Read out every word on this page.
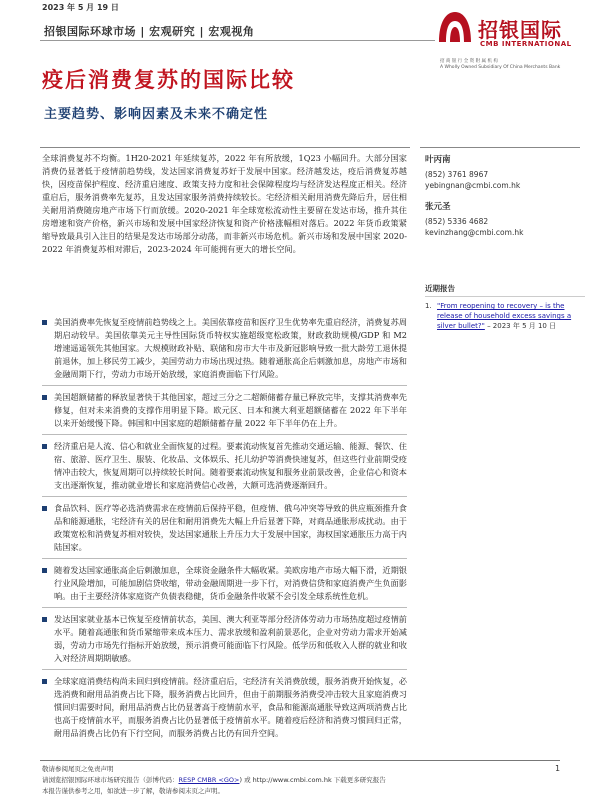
2023 年 5 月 19 日
招银国际环球市场 | 宏观研究 | 宏观视角	招银国际
CMB INTERNATIONAL
招 商 银 行 全 资 附 属 机 构
A Wholly Owned Subsidiary Of China Merchants Bank
疫后消费复苏的国际比较
主要趋势、影响因素及未来不确定性
全球消费复苏不均衡。1H20-2021 年延续复苏，2022 年有所放缓，1Q23 小幅回升。大部分国家消费仍显著低于疫情前趋势线，发达国家消费复苏好于发展中国家。经济越发达，疫后消费复苏越快，因疫苗保护程度、经济重启速度、政策支持力度和社会保障程度均与经济发达程度正相关。经济重启后，服务消费率先复苏，且发达国家服务消费持续较长。宅经济相关耐用消费先降后升，居住相关耐用消费随房地产市场下行而放缓。2020-2021 年全球宽松流动性主要留在发达市场，推升其住房增速和资产价格，新兴市场和发展中国家经济恢复和资产价格涨幅相对落后。2022 年货币政策紧缩导致最具引入注目的结果是发达市场部分动荡，而非新兴市场危机。新兴市场和发展中国家 2020-2022 年消费复苏相对滞后，2023-2024 年可能拥有更大的增长空间。
美国消费率先恢复至疫情前趋势线之上。美国依靠疫苗和医疗卫生优势率先重启经济，消费复苏周期启动较早。美国依靠美元主导性国际货币特权实施超级宽松政策，财政救助规模/GDP 和 M2 增速遥遥领先其他国家。大规模财政补贴、联储和房市大牛市及新冠影响导致一批大龄劳工退休提前退休，加上移民劳工减少，美国劳动力市场出现过热。随着通胀高企后刺激加息，房地产市场和金融周期下行，劳动力市场开始放缓，家庭消费面临下行风险。
美国超额储蓄的释放显著快于其他国家，超过三分之二超额储蓄存量已释放完毕，支撑其消费率先修复，但对未来消费的支撑作用明显下降。欧元区、日本和澳大利亚超额储蓄在 2022 年下半年以来开始缓慢下降。韩国和中国家庭的超额储蓄存量 2022 年下半年仍在上升。
经济重启是人流、信心和就业全面恢复的过程。要素流动恢复首先推动交通运输、能源、餐饮、住宿、旅游、医疗卫生、服装、化妆品、文体娱乐、托儿幼护等消费快速复苏，但这些行业前期受疫情冲击较大，恢复周期可以持续较长时间。随着要素流动恢复和服务业前景改善，企业信心和资本支出逐渐恢复，推动就业增长和家庭消费信心改善，大额可选消费逐渐回升。
食品饮料、医疗等必选消费需求在疫情前后保持平稳，但疫情、俄乌冲突等导致的供应瓶颈推升食品和能源通胀，宅经济有关的居住和耐用消费先大幅上升后显著下降，对商品通胀形成扰动。由于政策宽松和消费复苏相对较快，发达国家通胀上升压力大于发展中国家，海权国家通胀压力高于内陆国家。
随着发达国家通胀高企后刺激加息，全球资金融条件大幅收紧。美欧房地产市场大幅下滑，近期银行业风险增加，可能加剧信贷收缩，带动金融周期进一步下行，对消费信贷和家庭消费产生负面影响。由于主要经济体家庭资产负债表稳健，货币金融条件收紧不会引发全球系统性危机。
发达国家就业基本已恢复至疫情前状态，美国、澳大利亚等部分经济体劳动力市场热度超过疫情前水平。随着高通胀和货币紧缩带来成本压力、需求放缓和盈利前景恶化，企业对劳动力需求开始减弱，劳动力市场先行指标开始放缓，预示消费可能面临下行风险。低学历和低收入人群的就业和收入对经济周期期敏感。
全球家庭消费结构尚未回归到疫情前。经济重启后，宅经济有关消费放缓，服务消费开始恢复，必选消费和耐用品消费占比下降，服务消费占比回升，但由于前期服务消费受冲击较大且家庭消费习惯回归需要时间，耐用品消费占比仍显著高于疫情前水平，食品和能源高通胀导致这两项消费占比也高于疫情前水平，而服务消费占比仍显著低于疫情前水平。随着疫后经济和消费习惯回归正常，耐用品消费占比仍有下行空间，而服务消费占比仍有回升空间。
叶丙南
(852) 3761 8967
yebingnan@cmbi.com.hk
张元圣
(852) 5336 4682
kevinzhang@cmbi.com.hk
近期报告
1. "From reopening to recovery – is the release of household excess savings a silver bullet?" – 2023 年 5 月 10 日
敬请参阅尾页之免责声明
请浏览招银国际环球市场研究报告（彭博代码：RESP CMBR <GO>) 或 http://www.cmbi.com.hk 下载更多研究报告
本报告谨供参考之用，如欲进一步了解，敬请参阅末页之声明。
1
